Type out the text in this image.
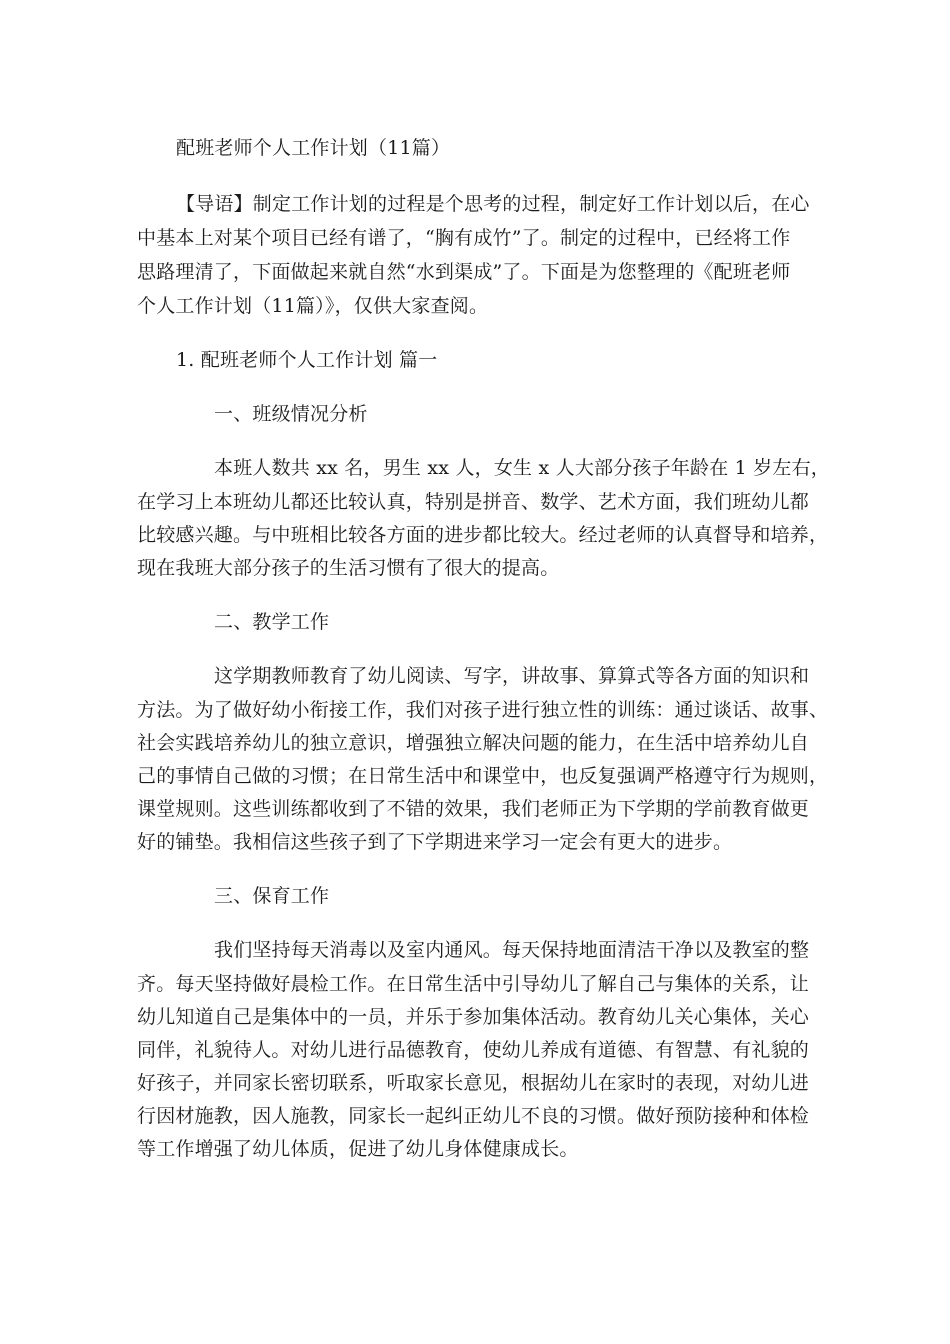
配班老师个人工作计划（11篇）
【导语】制定工作计划的过程是个思考的过程，制定好工作计划以后，在心
中基本上对某个项目已经有谱了，“胸有成竹”了。制定的过程中，已经将工作
思路理清了，下面做起来就自然“水到渠成”了。下面是为您整理的《配班老师
个人工作计划（11篇）》，仅供大家查阅。
1. 配班老师个人工作计划 篇一
一、班级情况分析
本班人数共 xx 名，男生 xx 人，女生 x 人大部分孩子年龄在 1 岁左右，
在学习上本班幼儿都还比较认真，特别是拼音、数学、艺术方面，我们班幼儿都
比较感兴趣。与中班相比较各方面的进步都比较大。经过老师的认真督导和培养，
现在我班大部分孩子的生活习惯有了很大的提高。
二、教学工作
这学期教师教育了幼儿阅读、写字，讲故事、算算式等各方面的知识和
方法。为了做好幼小衔接工作，我们对孩子进行独立性的训练：通过谈话、故事、
社会实践培养幼儿的独立意识，增强独立解决问题的能力，在生活中培养幼儿自
己的事情自己做的习惯；在日常生活中和课堂中，也反复强调严格遵守行为规则，
课堂规则。这些训练都收到了不错的效果，我们老师正为下学期的学前教育做更
好的铺垫。我相信这些孩子到了下学期进来学习一定会有更大的进步。
三、保育工作
我们坚持每天消毒以及室内通风。每天保持地面清洁干净以及教室的整
齐。每天坚持做好晨检工作。在日常生活中引导幼儿了解自己与集体的关系，让
幼儿知道自己是集体中的一员，并乐于参加集体活动。教育幼儿关心集体，关心
同伴，礼貌待人。对幼儿进行品德教育，使幼儿养成有道德、有智慧、有礼貌的
好孩子，并同家长密切联系，听取家长意见，根据幼儿在家时的表现，对幼儿进
行因材施教，因人施教，同家长一起纠正幼儿不良的习惯。做好预防接种和体检
等工作增强了幼儿体质，促进了幼儿身体健康成长。
